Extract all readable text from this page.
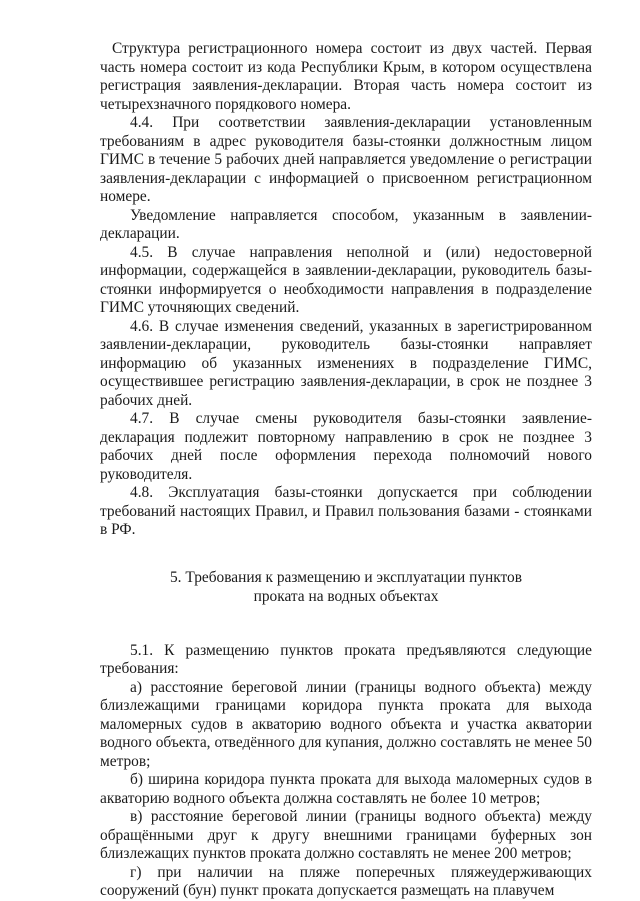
Структура регистрационного номера состоит из двух частей. Первая часть номера состоит из кода Республики Крым, в котором осуществлена регистрация заявления-декларации. Вторая часть номера состоит из четырехзначного порядкового номера.

4.4. При соответствии заявления-декларации установленным требованиям в адрес руководителя базы-стоянки должностным лицом ГИМС в течение 5 рабочих дней направляется уведомление о регистрации заявления-декларации с информацией о присвоенном регистрационном номере.

Уведомление направляется способом, указанным в заявлении-декларации.

4.5. В случае направления неполной и (или) недостоверной информации, содержащейся в заявлении-декларации, руководитель базы-стоянки информируется о необходимости направления в подразделение ГИМС уточняющих сведений.

4.6. В случае изменения сведений, указанных в зарегистрированном заявлении-декларации, руководитель базы-стоянки направляет информацию об указанных изменениях в подразделение ГИМС, осуществившее регистрацию заявления-декларации, в срок не позднее 3 рабочих дней.

4.7. В случае смены руководителя базы-стоянки заявление-декларация подлежит повторному направлению в срок не позднее 3 рабочих дней после оформления перехода полномочий нового руководителя.

4.8. Эксплуатация базы-стоянки допускается при соблюдении требований настоящих Правил, и Правил пользования базами - стоянками в РФ.

5. Требования к размещению и эксплуатации пунктов
проката на водных объектах

5.1. К размещению пунктов проката предъявляются следующие требования:

а) расстояние береговой линии (границы водного объекта) между близлежащими границами коридора пункта проката для выхода маломерных судов в акваторию водного объекта и участка акватории водного объекта, отведённого для купания, должно составлять не менее 50 метров;

б) ширина коридора пункта проката для выхода маломерных судов в акваторию водного объекта должна составлять не более 10 метров;

в) расстояние береговой линии (границы водного объекта) между обращёнными друг к другу внешними границами буферных зон близлежащих пунктов проката должно составлять не менее 200 метров;

г) при наличии на пляже поперечных пляжеудерживающих сооружений (бун) пункт проката допускается размещать на плавучем
